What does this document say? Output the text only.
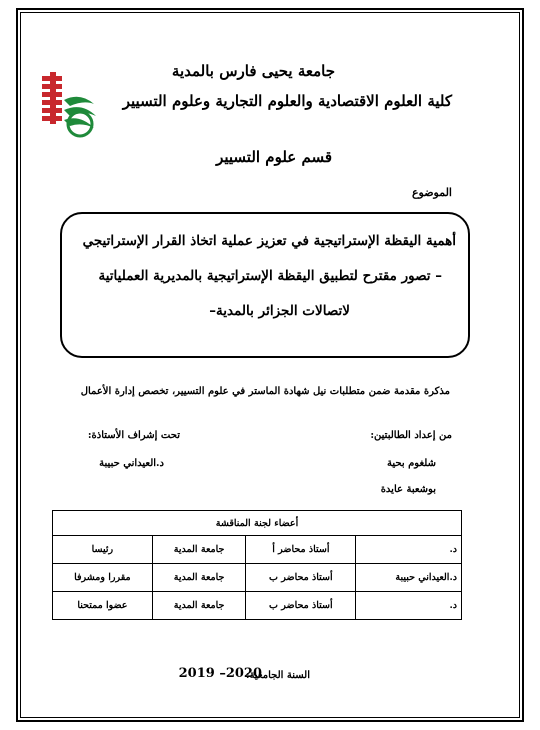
جامعة يحيى فارس بالمدية
كلية العلوم الاقتصادية والعلوم التجارية وعلوم التسيير
قسم علوم التسيير
الموضوع
أهمية اليقظة الإستراتيجية في تعزيز عملية اتخاذ القرار الإستراتيجي
– تصور مقترح لتطبيق اليقظة الإستراتيجية بالمديرية العملياتية
لاتصالات الجزائر بالمدية–
مذكرة مقدمة ضمن متطلبات نيل شهادة الماستر في علوم التسيير، تخصص إدارة الأعمال
من إعداد الطالبتين:
شلغوم بحية
بوشعبة عايدة
تحت إشراف الأستاذة:
د.العيداني حبيبة
أعضاء لجنة المناقشة			
د.	أستاذ محاضر أ	جامعة المدية	رئيسا
د.العيداني حبيبة	أستاذ محاضر ب	جامعة المدية	مقررا ومشرفا
د.	أستاذ محاضر ب	جامعة المدية	عضوا ممتحنا
السنة الجامعية:
2019 –2020
